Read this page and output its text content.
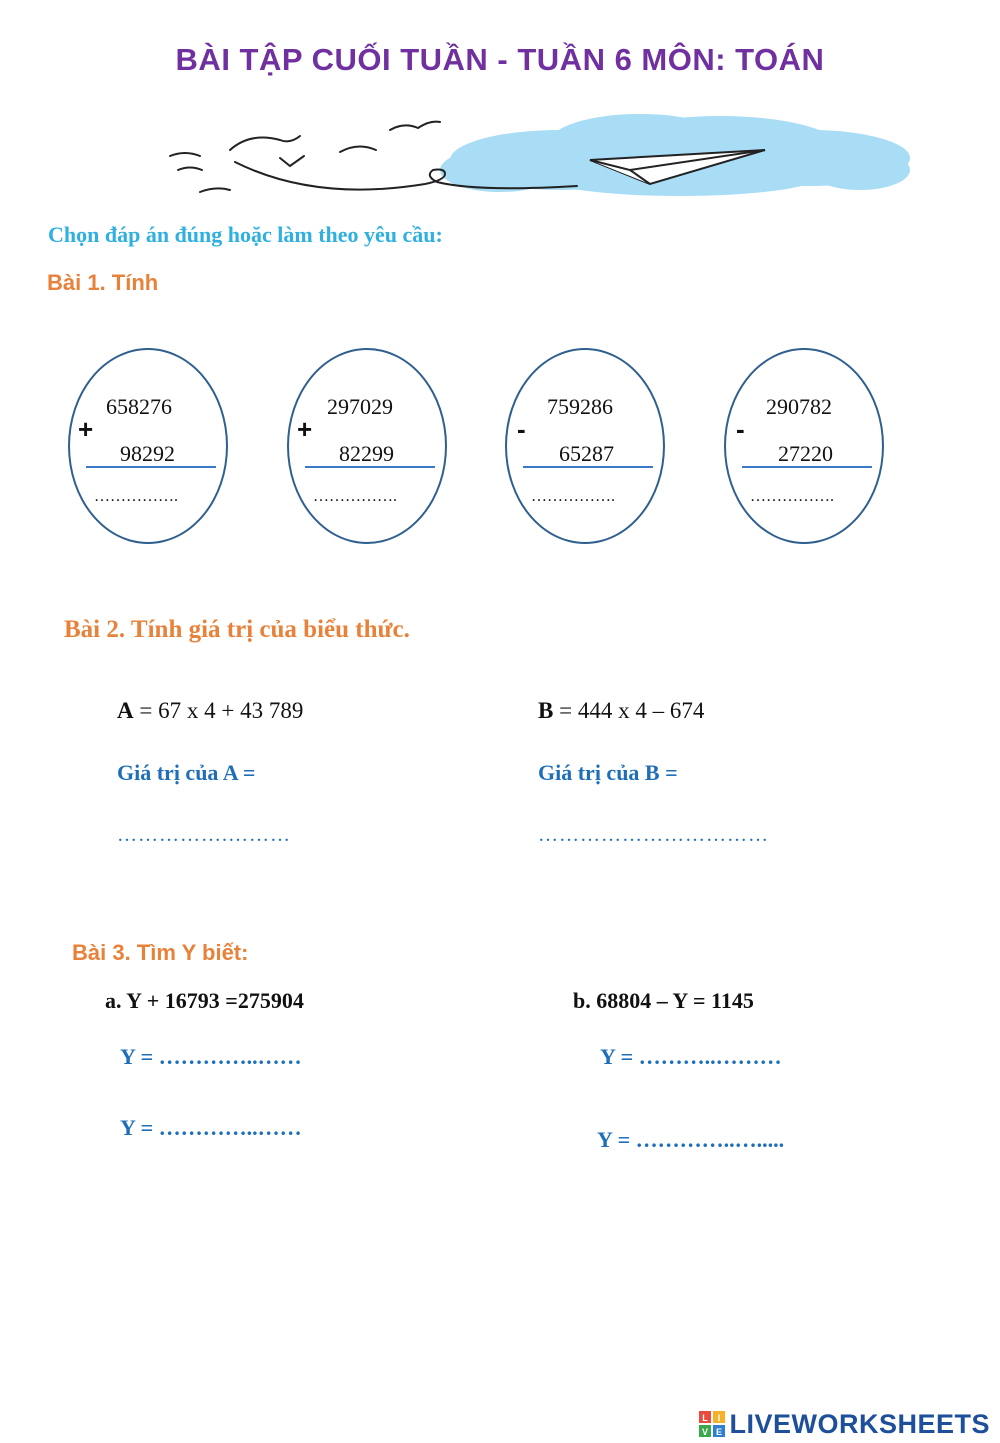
BÀI TẬP CUỐI TUẦN - TUẦN 6 MÔN: TOÁN
Chọn đáp án đúng hoặc làm theo yêu cầu:
Bài 1. Tính
658276
+
98292
…………….
297029
+
82299
…………….
759286
-
65287
…………….
290782
-
27220
…………….
Bài 2. Tính giá trị của biểu thức.
A = 67 x 4 + 43 789	B = 444 x 4 – 674
Giá trị của A =	Giá trị của B =
…………….………	……………………………
Bài 3. Tìm Y biết:
a. Y + 16793 =275904	b. 68804 – Y = 1145
Y = …………..……	Y = ………..………
Y = …………..……	Y = …………..….....
L I
V E LIVEWORKSHEETS
